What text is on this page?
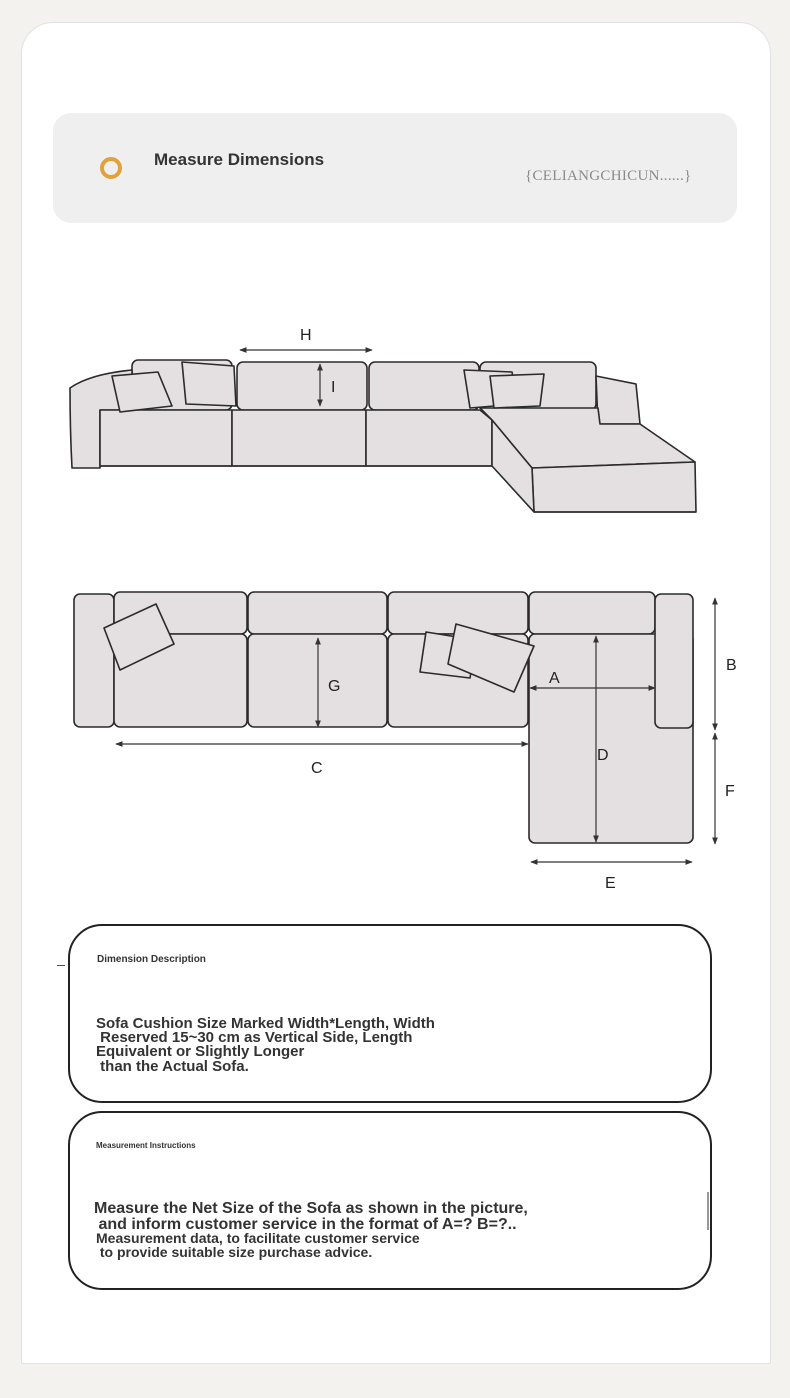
Measure Dimensions
{CELIANGCHICUN......}
H
I
G	A
D
C
E
B
F
Dimension Description
Sofa Cushion Size Marked Width*Length, Width
Reserved 15~30 cm as Vertical Side, Length
Equivalent or Slightly Longer
than the Actual Sofa.
Measurement Instructions
Measure the Net Size of the Sofa as shown in the picture,
and inform customer service in the format of A=? B=?..
Measurement data, to facilitate customer service
to provide suitable size purchase advice.
